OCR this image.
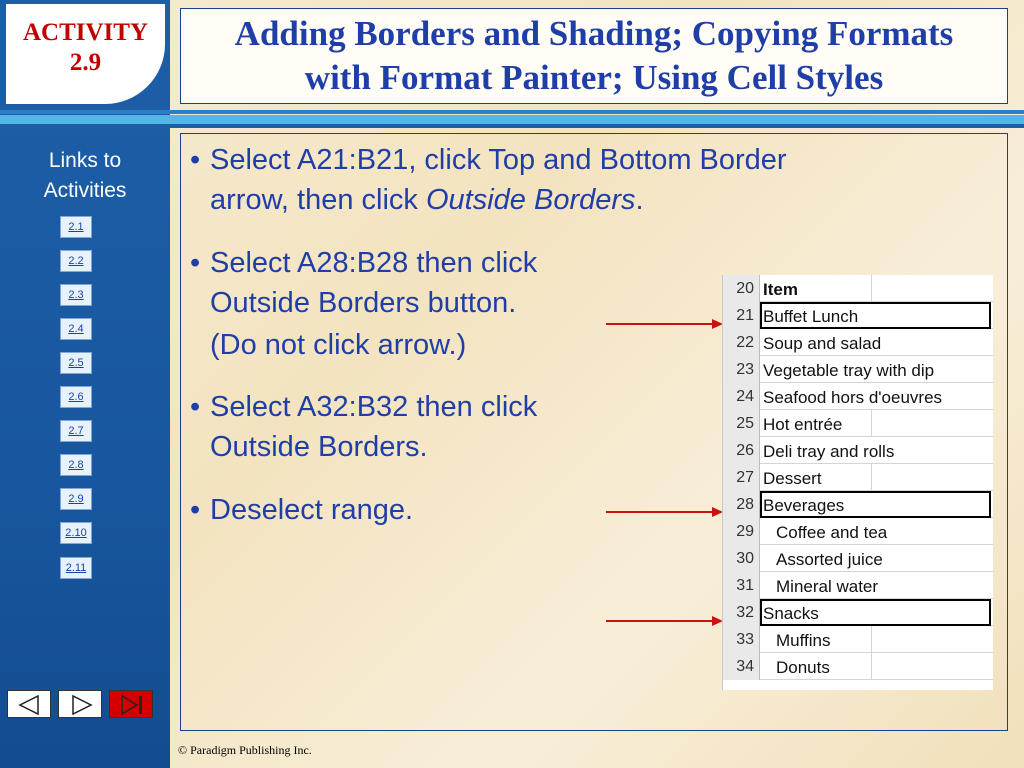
ACTIVITY
2.9
Links to
Activities
2.1
2.2
2.3
2.4
2.5
2.6
2.7
2.8
2.9
2.10
2.11
Adding Borders and Shading; Copying Formats
with Format Painter; Using Cell Styles
• Select A21:B21, click Top and Bottom Border
arrow, then click Outside Borders.
• Select A28:B28 then click
Outside Borders button.
(Do not click arrow.)
• Select A32:B32 then click
Outside Borders.
• Deselect range.
20 Item
21 Buffet Lunch
22 Soup and salad
23 Vegetable tray with dip
24 Seafood hors d'oeuvres
25 Hot entrée
26 Deli tray and rolls
27 Dessert
28 Beverages
29	Coffee and tea
30	Assorted juice
31	Mineral water
32 Snacks
33	Muffins
34	Donuts
© Paradigm Publishing Inc.
